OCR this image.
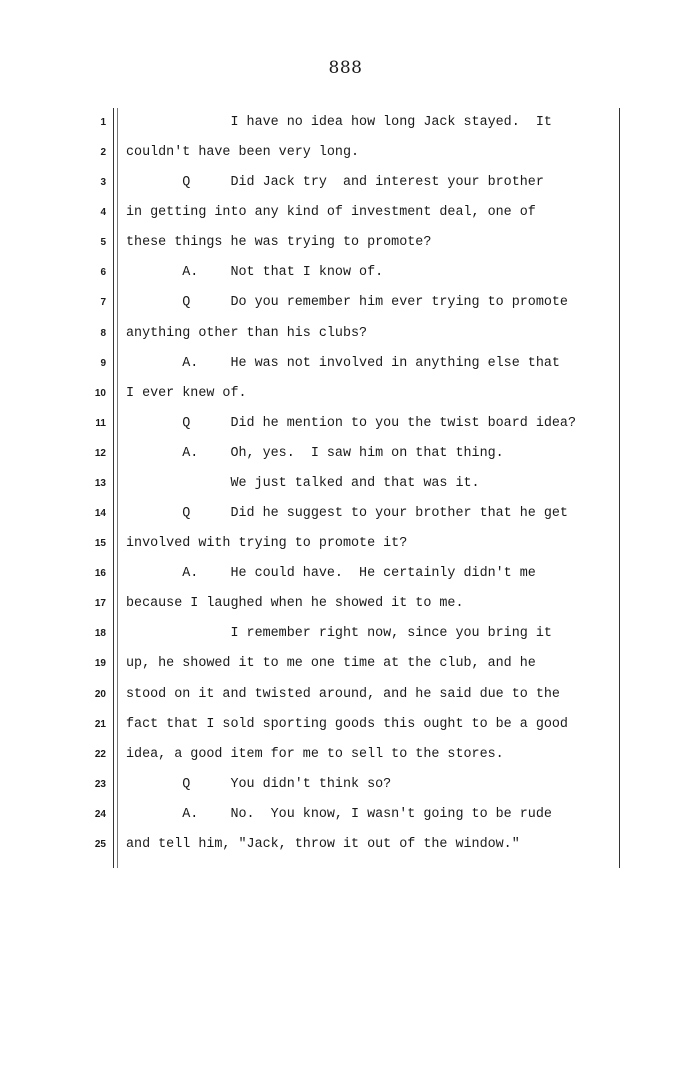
888
1 I have no idea how long Jack stayed.  It
2 couldn't have been very long.
3 Q     Did Jack try  and interest your brother
4 in getting into any kind of investment deal, one of
5 these things he was trying to promote?
6 A.    Not that I know of.
7 Q     Do you remember him ever trying to promote
8 anything other than his clubs?
9 A.    He was not involved in anything else that
10 I ever knew of.
11 Q     Did he mention to you the twist board idea?
12 A.    Oh, yes.  I saw him on that thing.
13 We just talked and that was it.
14 Q     Did he suggest to your brother that he get
15 involved with trying to promote it?
16 A.    He could have.  He certainly didn't me
17 because I laughed when he showed it to me.
18 I remember right now, since you bring it
19 up, he showed it to me one time at the club, and he
20 stood on it and twisted around, and he said due to the
21 fact that I sold sporting goods this ought to be a good
22 idea, a good item for me to sell to the stores.
23 Q     You didn't think so?
24 A.    No.  You know, I wasn't going to be rude
25 and tell him, "Jack, throw it out of the window."
